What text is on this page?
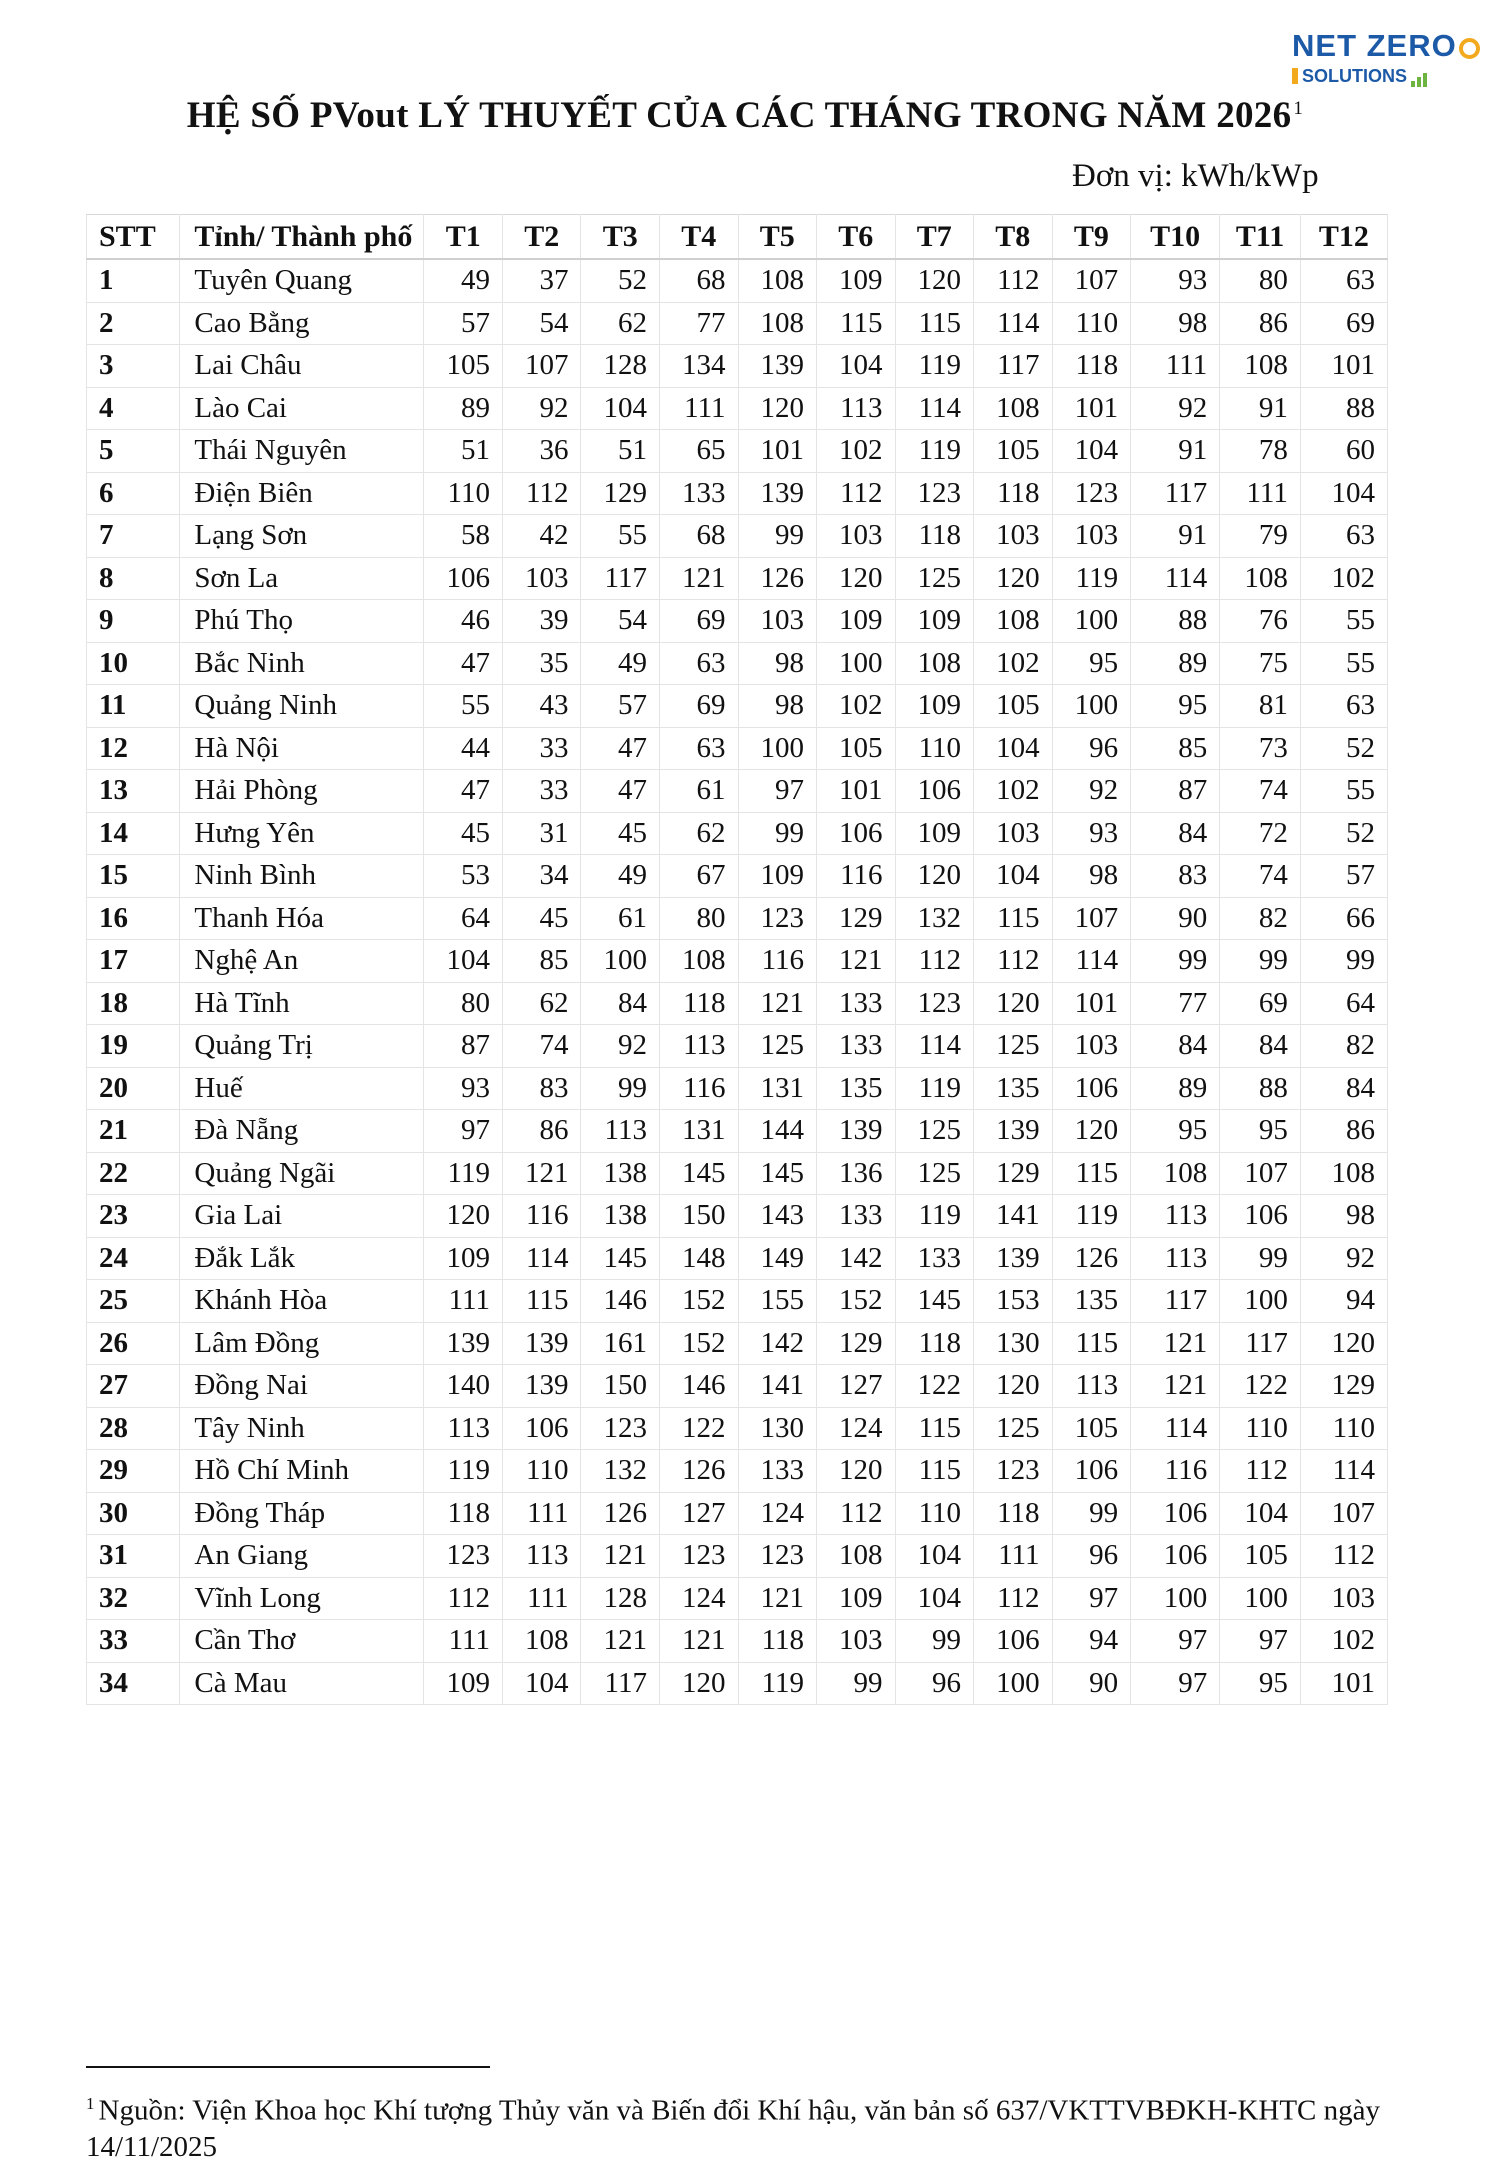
NET ZERO
SOLUTIONS
HỆ SỐ PVout LÝ THUYẾT CỦA CÁC THÁNG TRONG NĂM 2026 $^1$
Đơn vị: kWh/kWp
STT	Tỉnh/ Thành phố	T1	T2	T3	T4	T5	T6	T7	T8	T9	T10	T11	T12
1	Tuyên Quang	49	37	52	68	108	109	120	112	107	93	80	63
2	Cao Bằng	57	54	62	77	108	115	115	114	110	98	86	69
3	Lai Châu	105	107	128	134	139	104	119	117	118	111	108	101
4	Lào Cai	89	92	104	111	120	113	114	108	101	92	91	88
5	Thái Nguyên	51	36	51	65	101	102	119	105	104	91	78	60
6	Điện Biên	110	112	129	133	139	112	123	118	123	117	111	104
7	Lạng Sơn	58	42	55	68	99	103	118	103	103	91	79	63
8	Sơn La	106	103	117	121	126	120	125	120	119	114	108	102
9	Phú Thọ	46	39	54	69	103	109	109	108	100	88	76	55
10	Bắc Ninh	47	35	49	63	98	100	108	102	95	89	75	55
11	Quảng Ninh	55	43	57	69	98	102	109	105	100	95	81	63
12	Hà Nội	44	33	47	63	100	105	110	104	96	85	73	52
13	Hải Phòng	47	33	47	61	97	101	106	102	92	87	74	55
14	Hưng Yên	45	31	45	62	99	106	109	103	93	84	72	52
15	Ninh Bình	53	34	49	67	109	116	120	104	98	83	74	57
16	Thanh Hóa	64	45	61	80	123	129	132	115	107	90	82	66
17	Nghệ An	104	85	100	108	116	121	112	112	114	99	99	99
18	Hà Tĩnh	80	62	84	118	121	133	123	120	101	77	69	64
19	Quảng Trị	87	74	92	113	125	133	114	125	103	84	84	82
20	Huế	93	83	99	116	131	135	119	135	106	89	88	84
21	Đà Nẵng	97	86	113	131	144	139	125	139	120	95	95	86
22	Quảng Ngãi	119	121	138	145	145	136	125	129	115	108	107	108
23	Gia Lai	120	116	138	150	143	133	119	141	119	113	106	98
24	Đắk Lắk	109	114	145	148	149	142	133	139	126	113	99	92
25	Khánh Hòa	111	115	146	152	155	152	145	153	135	117	100	94
26	Lâm Đồng	139	139	161	152	142	129	118	130	115	121	117	120
27	Đồng Nai	140	139	150	146	141	127	122	120	113	121	122	129
28	Tây Ninh	113	106	123	122	130	124	115	125	105	114	110	110
29	Hồ Chí Minh	119	110	132	126	133	120	115	123	106	116	112	114
30	Đồng Tháp	118	111	126	127	124	112	110	118	99	106	104	107
31	An Giang	123	113	121	123	123	108	104	111	96	106	105	112
32	Vĩnh Long	112	111	128	124	121	109	104	112	97	100	100	103
33	Cần Thơ	111	108	121	121	118	103	99	106	94	97	97	102
34	Cà Mau	109	104	117	120	119	99	96	100	90	97	95	101
$^1$ Nguồn: Viện Khoa học Khí tượng Thủy văn và Biến đổi Khí hậu, văn bản số 637/VKTTVBĐKH-KHTC ngày 14/11/2025
